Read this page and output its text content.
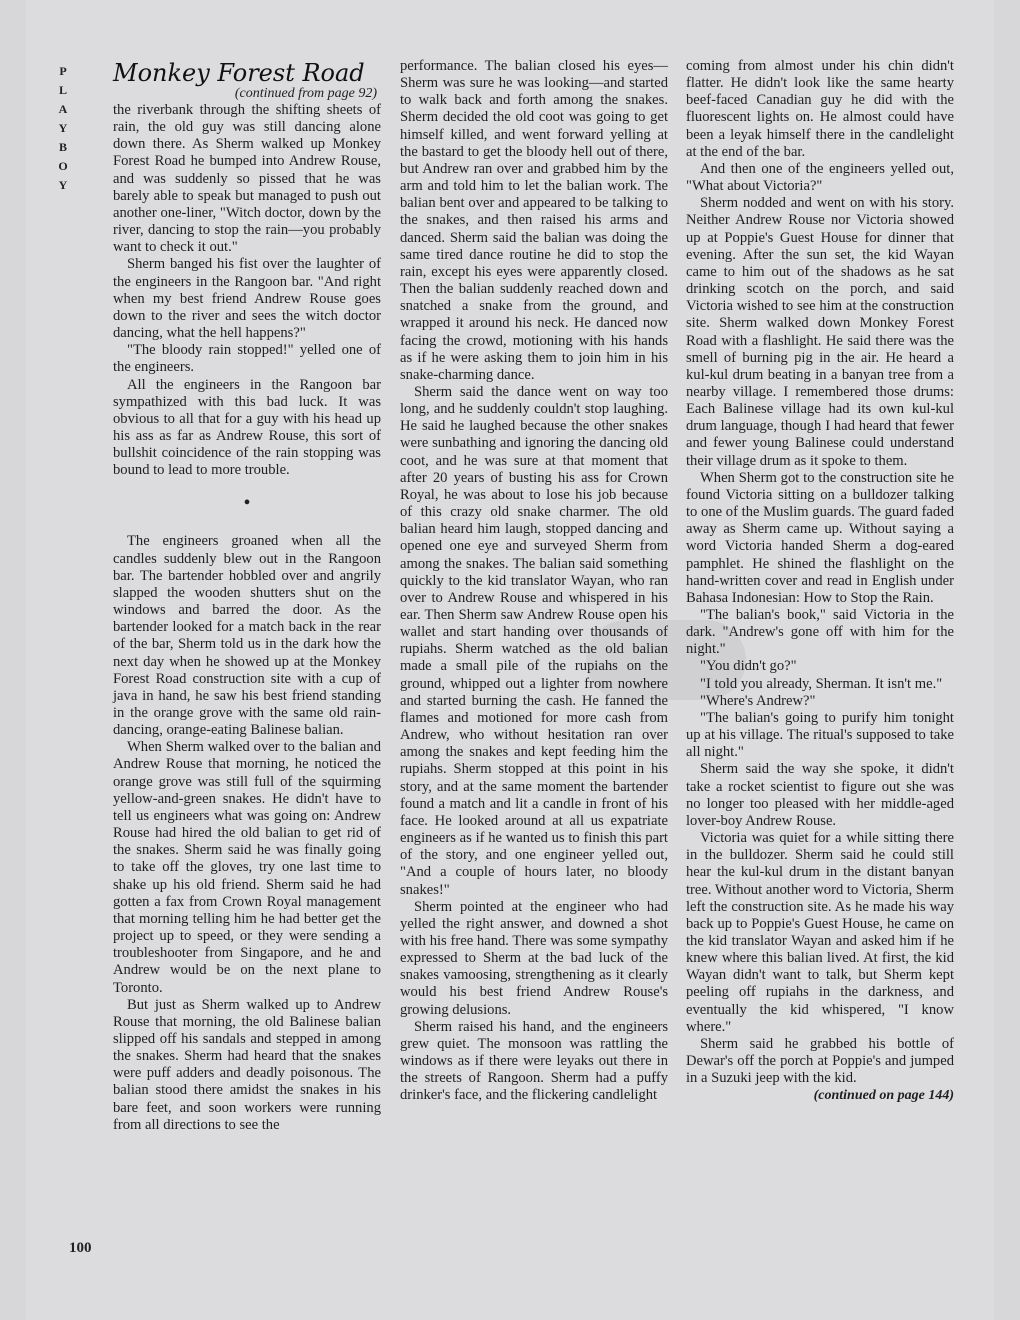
PLAYBOY
100
Monkey Forest Road

(continued from page 92)

the riverbank through the shifting sheets of rain, the old guy was still dancing alone down there. As Sherm walked up Monkey Forest Road he bumped into Andrew Rouse, and was suddenly so pissed that he was barely able to speak but managed to push out another one-liner, "Witch doctor, down by the river, dancing to stop the rain—you probably want to check it out."

Sherm banged his fist over the laughter of the engineers in the Rangoon bar. "And right when my best friend Andrew Rouse goes down to the river and sees the witch doctor dancing, what the hell happens?"

"The bloody rain stopped!" yelled one of the engineers.

All the engineers in the Rangoon bar sympathized with this bad luck. It was obvious to all that for a guy with his head up his ass as far as Andrew Rouse, this sort of bullshit coincidence of the rain stopping was bound to lead to more trouble.

•

The engineers groaned when all the candles suddenly blew out in the Rangoon bar. The bartender hobbled over and angrily slapped the wooden shutters shut on the windows and barred the door. As the bartender looked for a match back in the rear of the bar, Sherm told us in the dark how the next day when he showed up at the Monkey Forest Road construction site with a cup of java in hand, he saw his best friend standing in the orange grove with the same old rain-dancing, orange-eating Balinese balian.

When Sherm walked over to the balian and Andrew Rouse that morning, he noticed the orange grove was still full of the squirming yellow-and-green snakes. He didn't have to tell us engineers what was going on: Andrew Rouse had hired the old balian to get rid of the snakes. Sherm said he was finally going to take off the gloves, try one last time to shake up his old friend. Sherm said he had gotten a fax from Crown Royal management that morning telling him he had better get the project up to speed, or they were sending a troubleshooter from Singapore, and he and Andrew would be on the next plane to Toronto.

But just as Sherm walked up to Andrew Rouse that morning, the old Balinese balian slipped off his sandals and stepped in among the snakes. Sherm had heard that the snakes were puff adders and deadly poisonous. The balian stood there amidst the snakes in his bare feet, and soon workers were running from all directions to see the

performance. The balian closed his eyes—Sherm was sure he was looking—and started to walk back and forth among the snakes. Sherm decided the old coot was going to get himself killed, and went forward yelling at the bastard to get the bloody hell out of there, but Andrew ran over and grabbed him by the arm and told him to let the balian work. The balian bent over and appeared to be talking to the snakes, and then raised his arms and danced. Sherm said the balian was doing the same tired dance routine he did to stop the rain, except his eyes were apparently closed. Then the balian suddenly reached down and snatched a snake from the ground, and wrapped it around his neck. He danced now facing the crowd, motioning with his hands as if he were asking them to join him in his snake-charming dance.

Sherm said the dance went on way too long, and he suddenly couldn't stop laughing. He said he laughed because the other snakes were sunbathing and ignoring the dancing old coot, and he was sure at that moment that after 20 years of busting his ass for Crown Royal, he was about to lose his job because of this crazy old snake charmer. The old balian heard him laugh, stopped dancing and opened one eye and surveyed Sherm from among the snakes. The balian said something quickly to the kid translator Wayan, who ran over to Andrew Rouse and whispered in his ear. Then Sherm saw Andrew Rouse open his wallet and start handing over thousands of rupiahs. Sherm watched as the old balian made a small pile of the rupiahs on the ground, whipped out a lighter from nowhere and started burning the cash. He fanned the flames and motioned for more cash from Andrew, who without hesitation ran over among the snakes and kept feeding him the rupiahs. Sherm stopped at this point in his story, and at the same moment the bartender found a match and lit a candle in front of his face. He looked around at all us expatriate engineers as if he wanted us to finish this part of the story, and one engineer yelled out, "And a couple of hours later, no bloody snakes!"

Sherm pointed at the engineer who had yelled the right answer, and downed a shot with his free hand. There was some sympathy expressed to Sherm at the bad luck of the snakes vamoosing, strengthening as it clearly would his best friend Andrew Rouse's growing delusions.

Sherm raised his hand, and the engineers grew quiet. The monsoon was rattling the windows as if there were leyaks out there in the streets of Rangoon. Sherm had a puffy drinker's face, and the flickering candlelight

coming from almost under his chin didn't flatter. He didn't look like the same hearty beef-faced Canadian guy he did with the fluorescent lights on. He almost could have been a leyak himself there in the candlelight at the end of the bar.

And then one of the engineers yelled out, "What about Victoria?"

Sherm nodded and went on with his story. Neither Andrew Rouse nor Victoria showed up at Poppie's Guest House for dinner that evening. After the sun set, the kid Wayan came to him out of the shadows as he sat drinking scotch on the porch, and said Victoria wished to see him at the construction site. Sherm walked down Monkey Forest Road with a flashlight. He said there was the smell of burning pig in the air. He heard a kul-kul drum beating in a banyan tree from a nearby village. I remembered those drums: Each Balinese village had its own kul-kul drum language, though I had heard that fewer and fewer young Balinese could understand their village drum as it spoke to them.

When Sherm got to the construction site he found Victoria sitting on a bulldozer talking to one of the Muslim guards. The guard faded away as Sherm came up. Without saying a word Victoria handed Sherm a dog-eared pamphlet. He shined the flashlight on the hand-written cover and read in English under Bahasa Indonesian: How to Stop the Rain.

"The balian's book," said Victoria in the dark. "Andrew's gone off with him for the night."

"You didn't go?"

"I told you already, Sherman. It isn't me."

"Where's Andrew?"

"The balian's going to purify him tonight up at his village. The ritual's supposed to take all night."

Sherm said the way she spoke, it didn't take a rocket scientist to figure out she was no longer too pleased with her middle-aged lover-boy Andrew Rouse.

Victoria was quiet for a while sitting there in the bulldozer. Sherm said he could still hear the kul-kul drum in the distant banyan tree. Without another word to Victoria, Sherm left the construction site. As he made his way back up to Poppie's Guest House, he came on the kid translator Wayan and asked him if he knew where this balian lived. At first, the kid Wayan didn't want to talk, but Sherm kept peeling off rupiahs in the darkness, and eventually the kid whispered, "I know where."

Sherm said he grabbed his bottle of Dewar's off the porch at Poppie's and jumped in a Suzuki jeep with the kid.

(continued on page 144)
